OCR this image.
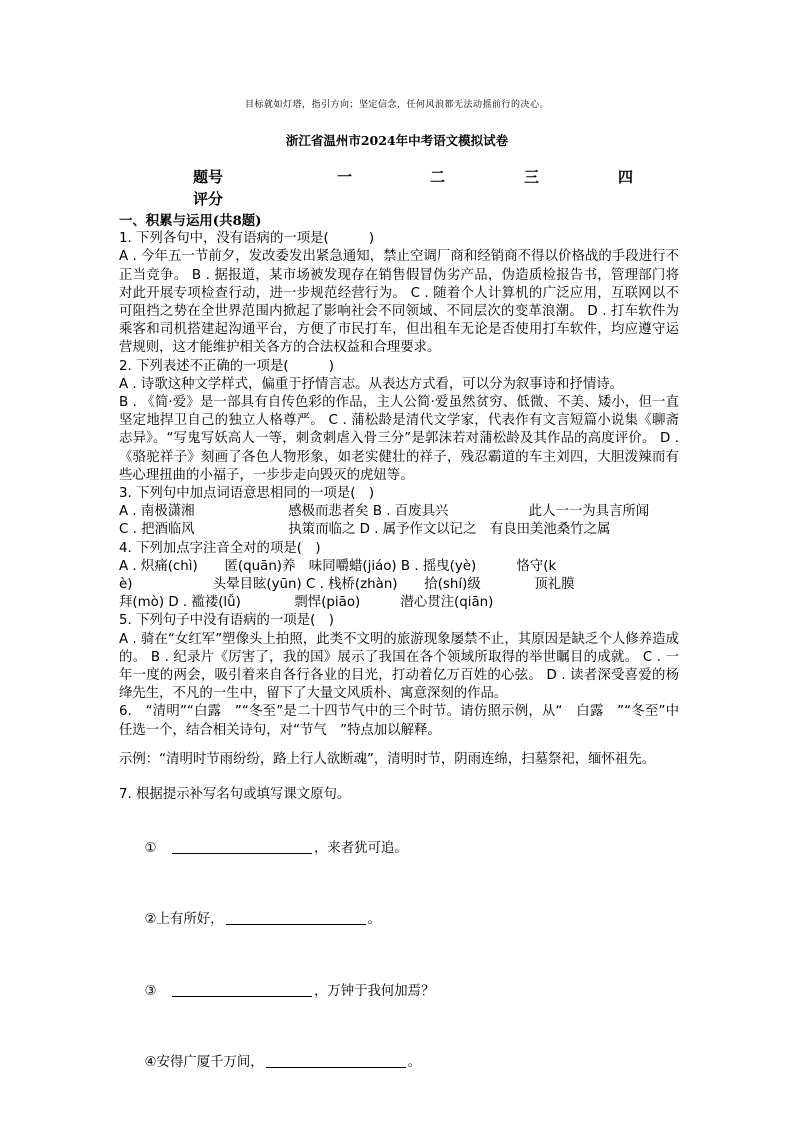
目标就如灯塔，指引方向；坚定信念，任何风浪都无法动摇前行的决心。
浙江省温州市2024年中考语文模拟试卷
题号	一	二	三	四
评分

一、积累与运用(共8题)

1. 下列各句中，没有语病的一项是(　　　)

A . 今年五一节前夕，发改委发出紧急通知，禁止空调厂商和经销商不得以价格战的手段进行不正当竞争。 B . 据报道，某市场被发现存在销售假冒伪劣产品，伪造质检报告书，管理部门将对此开展专项检查行动，进一步规范经营行为。 C . 随着个人计算机的广泛应用，互联网以不可阻挡之势在全世界范围内掀起了影响社会不同领域、不同层次的变革浪潮。 D . 打车软件为乘客和司机搭建起沟通平台，方便了市民打车，但出租车无论是否使用打车软件，均应遵守运营规则，这才能维护相关各方的合法权益和合理要求。

2. 下列表述不正确的一项是(　　　)

A . 诗歌这种文学样式，偏重于抒情言志。从表达方式看，可以分为叙事诗和抒情诗。

B . 《简·爱》是一部具有自传色彩的作品，主人公简·爱虽然贫穷、低微、不美、矮小，但一直坚定地捍卫自己的独立人格尊严。 C . 蒲松龄是清代文学家，代表作有文言短篇小说集《聊斋志异》。“写鬼写妖高人一等，刺贪刺虐入骨三分”是郭沫若对蒲松龄及其作品的高度评价。 D . 《骆驼祥子》刻画了各色人物形象，如老实健壮的祥子，残忍霸道的车主刘四，大胆泼辣而有些心理扭曲的小福子，一步步走向毁灭的虎妞等。

3. 下列句中加点词语意思相同的一项是(　)

A . 南极潇湘　　　　　　　感极而悲者矣 B . 百废具兴　　　　　　此人一一为具言所闻

C . 把酒临风　　　　　　　执策而临之 D . 属予作文以记之　有良田美池桑竹之属

4. 下列加点字注音全对的项是(　)

A . 炽痛(chì)　　匿(quān)养　味同嚼蜡(jiáo) B . 摇曳(yè)　　　恪守(k

è)　　　　　　头晕目眩(yūn) C . 栈桥(zhàn)　　拾(shí)级　　　　顶礼膜

拜(mò) D . 褴褛(lǚ)　　　　剽悍(piāo)　　　潜心贯注(qiān)

5. 下列句子中没有语病的一项是(　)

A . 骑在“女红军”塑像头上拍照，此类不文明的旅游现象屡禁不止，其原因是缺乏个人修养造成的。 B . 纪录片《厉害了，我的国》展示了我国在各个领域所取得的举世瞩目的成就。 C . 一年一度的两会，吸引着来自各行各业的目光，打动着亿万百姓的心弦。 D . 读者深受喜爱的杨绛先生，不凡的一生中，留下了大量文风质朴、寓意深刻的作品。

6.　“清明”“白露　”“冬至”是二十四节气中的三个时节。请仿照示例，从“　白露　”“冬至”中任选一个，结合相关诗句，对“节气　”特点加以解释。

示例：“清明时节雨纷纷，路上行人欲断魂”，清明时节，阴雨连绵，扫墓祭祀，缅怀祖先。

7. 根据提示补写名句或填写课文原句。

①　	，来者犹可追。

②上有所好，	。

③　	，万钟于我何加焉？

④安得广厦千万间，	。
